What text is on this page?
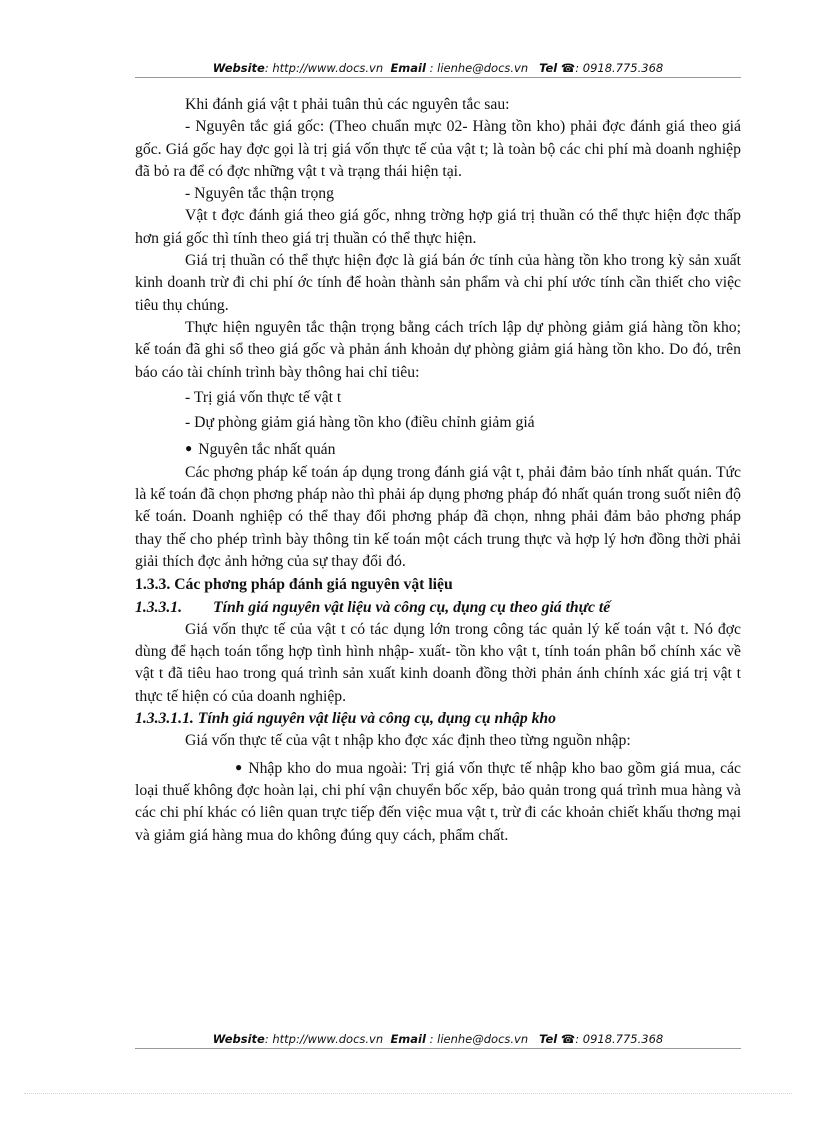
Website: http://www.docs.vn Email : lienhe@docs.vn Tel ☎: 0918.775.368

Khi đánh giá vật t phải tuân thủ các nguyên tắc sau:

- Nguyên tắc giá gốc: (Theo chuẩn mực 02- Hàng tồn kho) phải đợc đánh giá theo giá gốc. Giá gốc hay đợc gọi là trị giá vốn thực tế của vật t; là toàn bộ các chi phí mà doanh nghiệp đã bỏ ra để có đợc những vật t và trạng thái hiện tại.

- Nguyên tắc thận trọng

Vật t đợc đánh giá theo giá gốc, nhng trờng hợp giá trị thuần có thể thực hiện đợc thấp hơn giá gốc thì tính theo giá trị thuần có thể thực hiện.

Giá trị thuần có thể thực hiện đợc là giá bán ớc tính của hàng tồn kho trong kỳ sản xuất kinh doanh trừ đi chi phí ớc tính để hoàn thành sản phẩm và chi phí ước tính cần thiết cho việc tiêu thụ chúng.

Thực hiện nguyên tắc thận trọng bằng cách trích lập dự phòng giảm giá hàng tồn kho; kế toán đã ghi sổ theo giá gốc và phản ánh khoản dự phòng giảm giá hàng tồn kho. Do đó, trên báo cáo tài chính trình bày thông hai chỉ tiêu:

- Trị giá vốn thực tế vật t

- Dự phòng giảm giá hàng tồn kho (điều chỉnh giảm giá

● Nguyên tắc nhất quán

Các phơng pháp kế toán áp dụng trong đánh giá vật t, phải đảm bảo tính nhất quán. Tức là kế toán đã chọn phơng pháp nào thì phải áp dụng phơng pháp đó nhất quán trong suốt niên độ kế toán. Doanh nghiệp có thể thay đổi phơng pháp đã chọn, nhng phải đảm bảo phơng pháp thay thế cho phép trình bày thông tin kế toán một cách trung thực và hợp lý hơn đồng thời phải giải thích đợc ảnh hởng của sự thay đổi đó.

1.3.3. Các phơng pháp đánh giá nguyên vật liệu

1.3.3.1. Tính giá nguyên vật liệu và công cụ, dụng cụ theo giá thực tế

Giá vốn thực tế của vật t có tác dụng lớn trong công tác quản lý kế toán vật t. Nó đợc dùng để hạch toán tổng hợp tình hình nhập- xuất- tồn kho vật t, tính toán phân bổ chính xác về vật t đã tiêu hao trong quá trình sản xuất kinh doanh đồng thời phản ánh chính xác giá trị vật t thực tế hiện có của doanh nghiệp.

1.3.3.1.1. Tính giá nguyên vật liệu và công cụ, dụng cụ nhập kho

Giá vốn thực tế của vật t nhập kho đợc xác định theo từng nguồn nhập:

● Nhập kho do mua ngoài: Trị giá vốn thực tế nhập kho bao gồm giá mua, các loại thuế không đợc hoàn lại, chi phí vận chuyển bốc xếp, bảo quản trong quá trình mua hàng và các chi phí khác có liên quan trực tiếp đến việc mua vật t, trừ đi các khoản chiết khấu thơng mại và giảm giá hàng mua do không đúng quy cách, phẩm chất.

Website: http://www.docs.vn Email : lienhe@docs.vn Tel ☎: 0918.775.368
